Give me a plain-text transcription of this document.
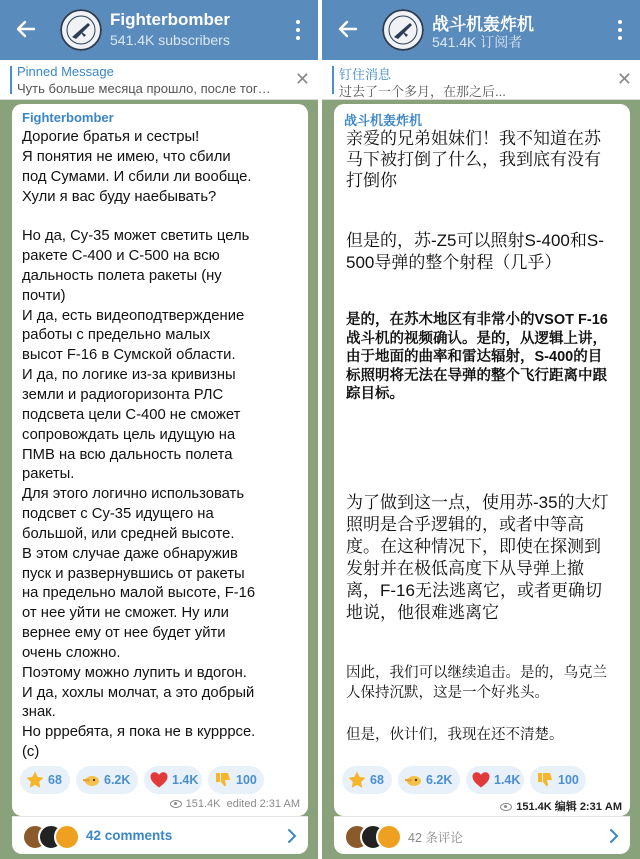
Fighterbomber
541.4K subscribers
Pinned Message
Чуть больше месяца прошло, после тог… ✕
Fighterbomber
Дорогие братья и сестры!
Я понятия не имею, что сбили
под Сумами. И сбили ли вообще.
Хули я вас буду наебывать?

Но да, Су-35 может светить цель
ракете С-400 и С-500 на всю
дальность полета ракеты (ну
почти)
И да, есть видеоподтверждение
работы с предельно малых
высот F-16 в Сумской области.
И да, по логике из-за кривизны
земли и радиогоризонта РЛС
подсвета цели С-400 не сможет
сопровождать цель идущую на
ПМВ на всю дальность полета
ракеты.
Для этого логично использовать
подсвет с Су-35 идущего на
большой, или средней высоте.
В этом случае даже обнаружив
пуск и развернувшись от ракеты
на предельно малой высоте, F-16
от нее уйти не сможет. Ну или
вернее ему от нее будет уйти
очень сложно.
Поэтому можно лупить и вдогон.
И да, хохлы молчат, а это добрый
знак.
Но ррребята, я пока не в курррсе.
(с)
68	6.2K	1.4K	100
151.4K edited 2:31 AM
42 comments
战斗机轰炸机
541.4K 订阅者
钉住消息
过去了一个多月，在那之后...
✕
战斗机轰炸机

亲爱的兄弟姐妹们！我不知道在苏马下被打倒了什么，我到底有没有打倒你

但是的，苏-Z5可以照射S-400和S-500导弹的整个射程（几乎）

是的，在苏木地区有非常小的VSOT F-16战斗机的视频确认。是的，从逻辑上讲，由于地面的曲率和雷达辐射，S-400的目标照明将无法在导弹的整个飞行距离中跟踪目标。

为了做到这一点，使用苏-35的大灯照明是合乎逻辑的，或者中等高度。在这种情况下，即使在探测到发射并在极低高度下从导弹上撤离，F-16无法逃离它，或者更确切地说，他很难逃离它

因此，我们可以继续追击。是的，乌克兰人保持沉默，这是一个好兆头。

但是，伙计们，我现在还不清楚。

68	6.2K	1.4K	100
151.4K 编辑 2:31 AM
42 条评论
